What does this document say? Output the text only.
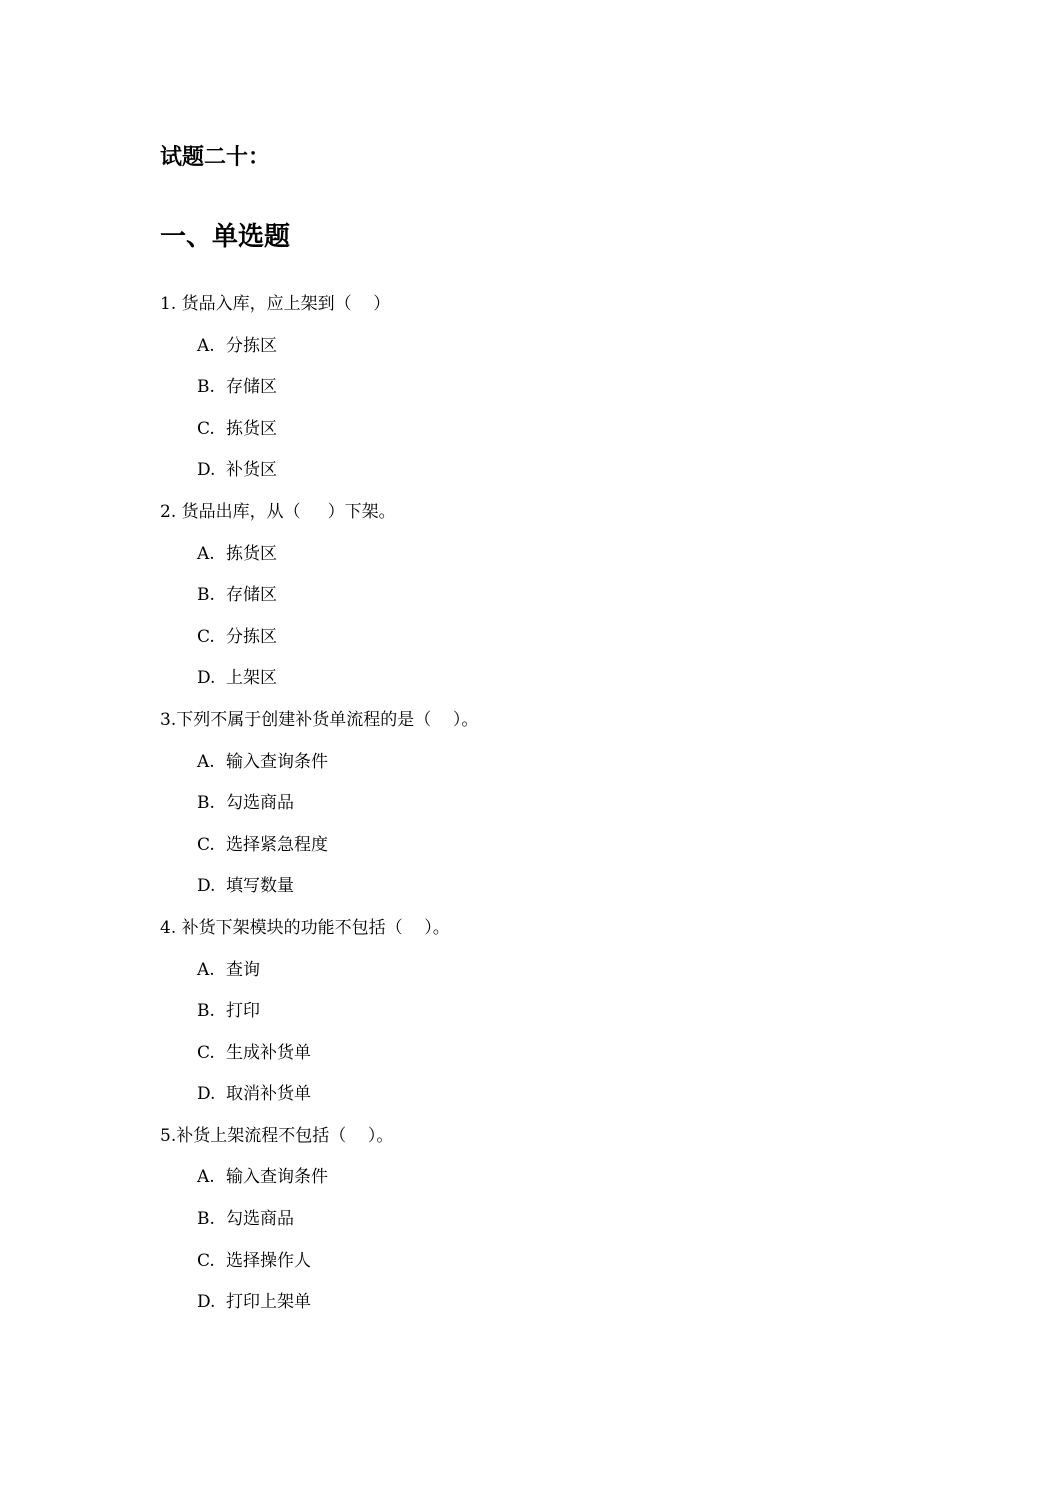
试题二十：
一、单选题
1. 货品入库，应上架到（    ）
A. 分拣区
B. 存储区
C. 拣货区
D. 补货区
2. 货品出库，从（     ）下架。
A. 拣货区
B. 存储区
C. 分拣区
D. 上架区
3.下列不属于创建补货单流程的是（    ）。
A. 输入查询条件
B. 勾选商品
C. 选择紧急程度
D. 填写数量
4. 补货下架模块的功能不包括（    ）。
A. 查询
B. 打印
C. 生成补货单
D. 取消补货单
5.补货上架流程不包括（    ）。
A. 输入查询条件
B. 勾选商品
C. 选择操作人
D. 打印上架单
